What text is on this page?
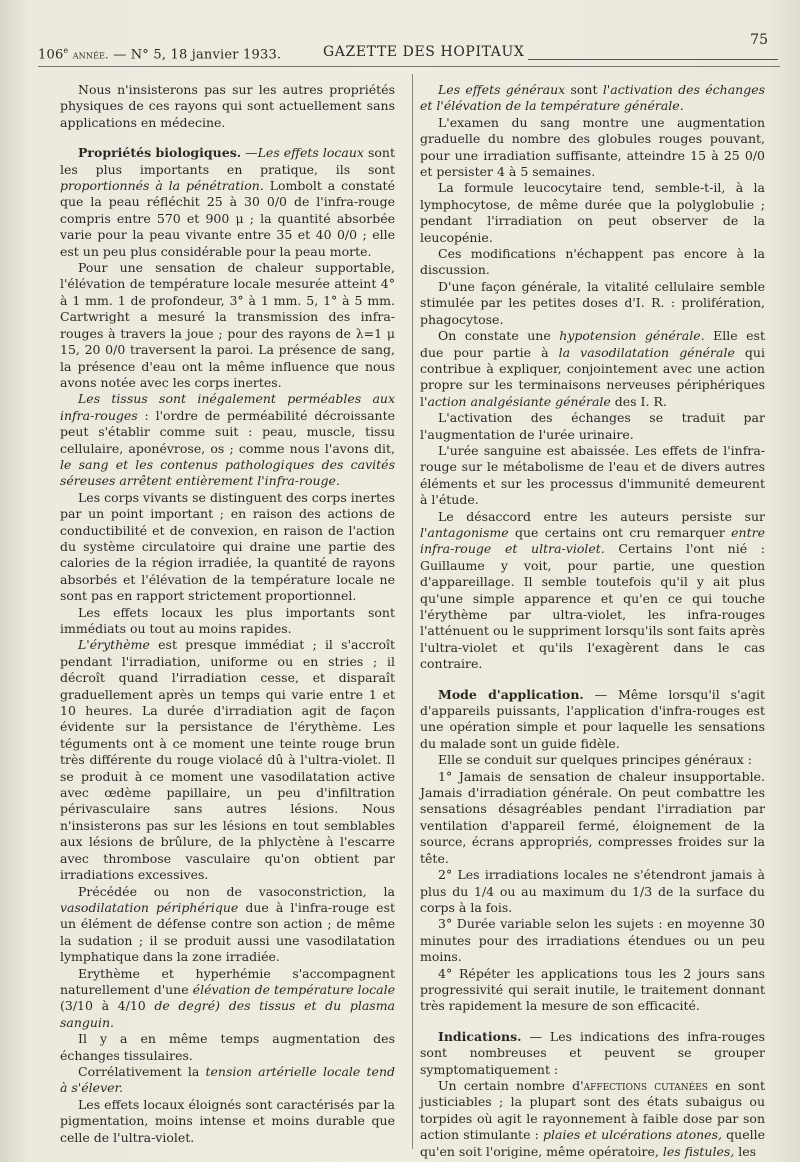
106e année. — N° 5, 18 janvier 1933.	GAZETTE DES HOPITAUX
75

Nous n'insisterons pas sur les autres propriétés physiques de ces rayons qui sont actuellement sans applications en médecine.

Propriétés biologiques. —Les effets locaux sont les plus importants en pratique, ils sont proportionnés à la pénétration. Lombolt a constaté que la peau réfléchit 25 à 30 0/0 de l'infra-rouge compris entre 570 et 900 μ ; la quantité absorbée varie pour la peau vivante entre 35 et 40 0/0 ; elle est un peu plus considérable pour la peau morte.

Pour une sensation de chaleur supportable, l'élévation de température locale mesurée atteint 4° à 1 mm. 1 de profondeur, 3° à 1 mm. 5, 1° à 5 mm. Cartwright a mesuré la transmission des infra-rouges à travers la joue ; pour des rayons de λ=1 μ 15, 20 0/0 traversent la paroi. La présence de sang, la présence d'eau ont la même influence que nous avons notée avec les corps inertes.

Les tissus sont inégalement perméables aux infra-rouges : l'ordre de perméabilité décroissante peut s'établir comme suit : peau, muscle, tissu cellulaire, aponévrose, os ; comme nous l'avons dit, le sang et les contenus pathologiques des cavités séreuses arrêtent entièrement l'infra-rouge.

Les corps vivants se distinguent des corps inertes par un point important ; en raison des actions de conductibilité et de convexion, en raison de l'action du système circulatoire qui draine une partie des calories de la région irradiée, la quantité de rayons absorbés et l'élévation de la température locale ne sont pas en rapport strictement proportionnel.

Les effets locaux les plus importants sont immédiats ou tout au moins rapides.

L'érythème est presque immédiat ; il s'accroît pendant l'irradiation, uniforme ou en stries ; il décroît quand l'irradiation cesse, et disparaît graduellement après un temps qui varie entre 1 et 10 heures. La durée d'irradiation agit de façon évidente sur la persistance de l'érythème. Les téguments ont à ce moment une teinte rouge brun très différente du rouge violacé dû à l'ultra-violet. Il se produit à ce moment une vasodilatation active avec œdème papillaire, un peu d'infiltration périvasculaire sans autres lésions. Nous n'insisterons pas sur les lésions en tout semblables aux lésions de brûlure, de la phlyctène à l'escarre avec thrombose vasculaire qu'on obtient par irradiations excessives.

Précédée ou non de vasoconstriction, la vasodilatation périphérique due à l'infra-rouge est un élément de défense contre son action ; de même la sudation ; il se produit aussi une vasodilatation lymphatique dans la zone irradiée.

Erythème et hyperhémie s'accompagnent naturellement d'une élévation de température locale (3/10 à 4/10 de degré) des tissus et du plasma sanguin.

Il y a en même temps augmentation des échanges tissulaires.

Corrélativement la tension artérielle locale tend à s'élever.

Les effets locaux éloignés sont caractérisés par la pigmentation, moins intense et moins durable que celle de l'ultra-violet.

Les effets généraux sont l'activation des échanges et l'élévation de la température générale.

L'examen du sang montre une augmentation graduelle du nombre des globules rouges pouvant, pour une irradiation suffisante, atteindre 15 à 25 0/0 et persister 4 à 5 semaines.

La formule leucocytaire tend, semble-t-il, à la lymphocytose, de même durée que la polyglobulie ; pendant l'irradiation on peut observer de la leucopénie.

Ces modifications n'échappent pas encore à la discussion.

D'une façon générale, la vitalité cellulaire semble stimulée par les petites doses d'I. R. : prolifération, phagocytose.

On constate une hypotension générale. Elle est due pour partie à la vasodilatation générale qui contribue à expliquer, conjointement avec une action propre sur les terminaisons nerveuses périphériques l'action analgésiante générale des I. R.

L'activation des échanges se traduit par l'augmentation de l'urée urinaire.

L'urée sanguine est abaissée. Les effets de l'infra-rouge sur le métabolisme de l'eau et de divers autres éléments et sur les processus d'immunité demeurent à l'étude.

Le désaccord entre les auteurs persiste sur l'antagonisme que certains ont cru remarquer entre infra-rouge et ultra-violet. Certains l'ont nié : Guillaume y voit, pour partie, une question d'appareillage. Il semble toutefois qu'il y ait plus qu'une simple apparence et qu'en ce qui touche l'érythème par ultra-violet, les infra-rouges l'atténuent ou le suppriment lorsqu'ils sont faits après l'ultra-violet et qu'ils l'exagèrent dans le cas contraire.

Mode d'application. — Même lorsqu'il s'agit d'appareils puissants, l'application d'infra-rouges est une opération simple et pour laquelle les sensations du malade sont un guide fidèle.

Elle se conduit sur quelques principes généraux :

1° Jamais de sensation de chaleur insupportable. Jamais d'irradiation générale. On peut combattre les sensations désagréables pendant l'irradiation par ventilation d'appareil fermé, éloignement de la source, écrans appropriés, compresses froides sur la tête.

2° Les irradiations locales ne s'étendront jamais à plus du 1/4 ou au maximum du 1/3 de la surface du corps à la fois.

3° Durée variable selon les sujets : en moyenne 30 minutes pour des irradiations étendues ou un peu moins.

4° Répéter les applications tous les 2 jours sans progressivité qui serait inutile, le traitement donnant très rapidement la mesure de son efficacité.

Indications. — Les indications des infra-rouges sont nombreuses et peuvent se grouper symptomatiquement :

Un certain nombre d'affections cutanées en sont justiciables ; la plupart sont des états subaigus ou torpides où agit le rayonnement à faible dose par son action stimulante : plaies et ulcérations atones, quelle qu'en soit l'origine, même opératoire, les fistules, les
